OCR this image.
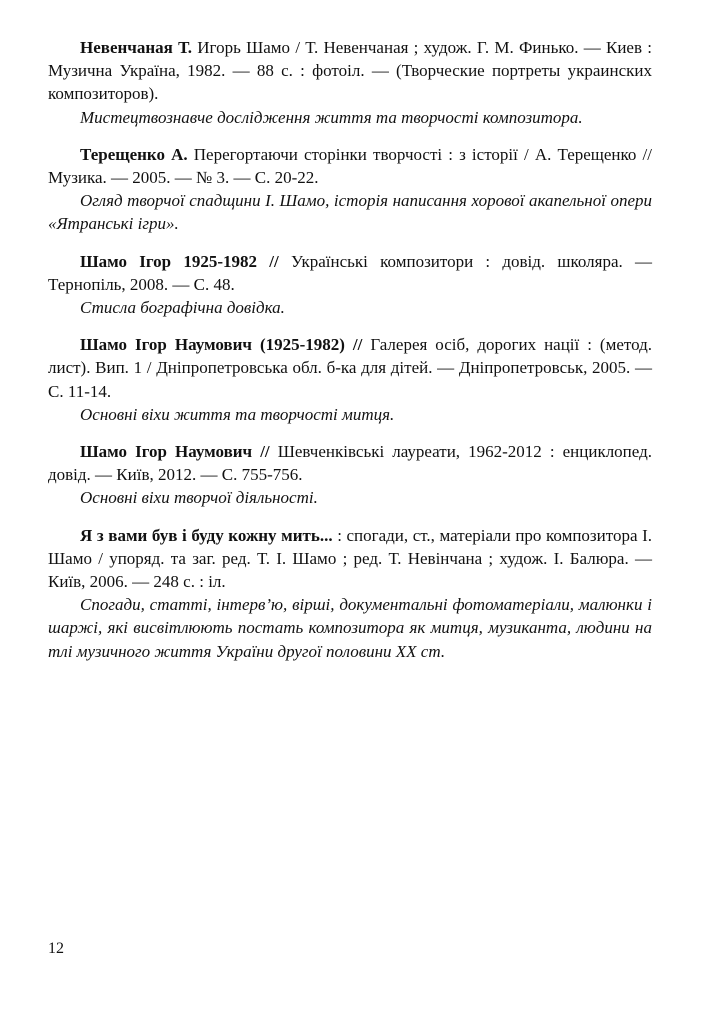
Невенчаная Т. Игорь Шамо / Т. Невенчаная ; худож. Г. М. Финько. — Киев : Музична Україна, 1982. — 88 с. : фотоіл. — (Творческие портреты украинских композиторов).

Мистецтвознавче дослідження життя та творчості композитора.

Терещенко А. Перегортаючи сторінки творчості : з історії / А. Терещенко // Музика. — 2005. — № 3. — С. 20-22.

Огляд творчої спадщини І. Шамо, історія написання хорової акапельної опери «Ятранські ігри».

Шамо Ігор 1925-1982 // Українські композитори : довід. школяра. — Тернопіль, 2008. — С. 48.

Стисла бографічна довідка.

Шамо Ігор Наумович (1925-1982) // Галерея осіб, дорогих нації : (метод. лист). Вип. 1 / Дніпропетровська обл. б-ка для дітей. — Дніпропетровськ, 2005. — С. 11-14.

Основні віхи життя та творчості митця.

Шамо Ігор Наумович // Шевченківські лауреати, 1962-2012 : енциклопед. довід. — Київ, 2012. — С. 755-756.

Основні віхи творчої діяльності.

Я з вами був і буду кожну мить... : спогади, ст., матеріали про композитора І. Шамо / упоряд. та заг. ред. Т. І. Шамо ; ред. Т. Невінчана ; худож. І. Балюра. — Київ, 2006. — 248 с. : іл.

Спогади, статті, інтерв’ю, вірші, документальні фотоматеріали, малюнки і шаржі, які висвітлюють постать композитора як митця, музиканта, людини на тлі музичного життя України другої половини ХХ ст.

12
